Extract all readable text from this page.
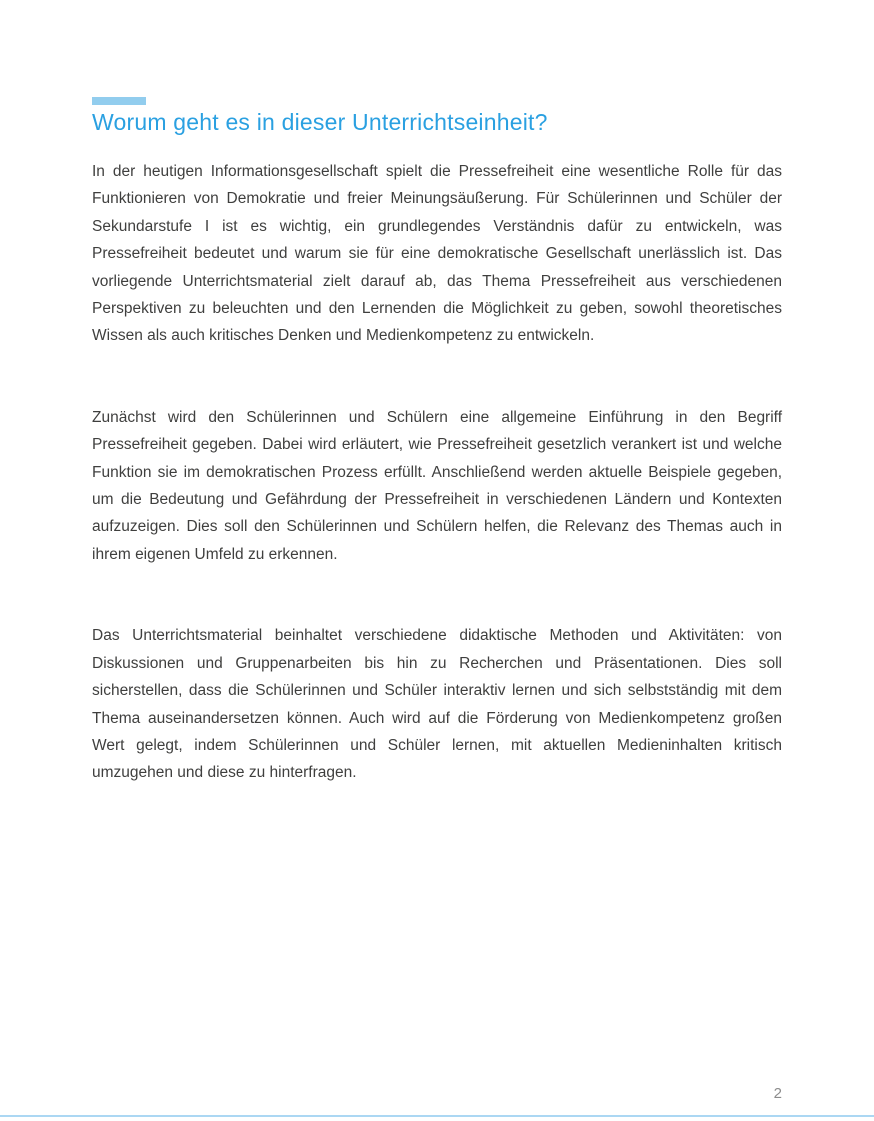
Worum geht es in dieser Unterrichtseinheit?

In der heutigen Informationsgesellschaft spielt die Pressefreiheit eine wesentliche Rolle für das Funktionieren von Demokratie und freier Meinungsäußerung. Für Schülerinnen und Schüler der Sekundarstufe I ist es wichtig, ein grundlegendes Verständnis dafür zu entwickeln, was Pressefreiheit bedeutet und warum sie für eine demokratische Gesellschaft unerlässlich ist. Das vorliegende Unterrichtsmaterial zielt darauf ab, das Thema Pressefreiheit aus verschiedenen Perspektiven zu beleuchten und den Lernenden die Möglichkeit zu geben, sowohl theoretisches Wissen als auch kritisches Denken und Medienkompetenz zu entwickeln.

Zunächst wird den Schülerinnen und Schülern eine allgemeine Einführung in den Begriff Pressefreiheit gegeben. Dabei wird erläutert, wie Pressefreiheit gesetzlich verankert ist und welche Funktion sie im demokratischen Prozess erfüllt. Anschließend werden aktuelle Beispiele gegeben, um die Bedeutung und Gefährdung der Pressefreiheit in verschiedenen Ländern und Kontexten aufzuzeigen. Dies soll den Schülerinnen und Schülern helfen, die Relevanz des Themas auch in ihrem eigenen Umfeld zu erkennen.

Das Unterrichtsmaterial beinhaltet verschiedene didaktische Methoden und Aktivitäten: von Diskussionen und Gruppenarbeiten bis hin zu Recherchen und Präsentationen. Dies soll sicherstellen, dass die Schülerinnen und Schüler interaktiv lernen und sich selbstständig mit dem Thema auseinandersetzen können. Auch wird auf die Förderung von Medienkompetenz großen Wert gelegt, indem Schülerinnen und Schüler lernen, mit aktuellen Medieninhalten kritisch umzugehen und diese zu hinterfragen.

2
